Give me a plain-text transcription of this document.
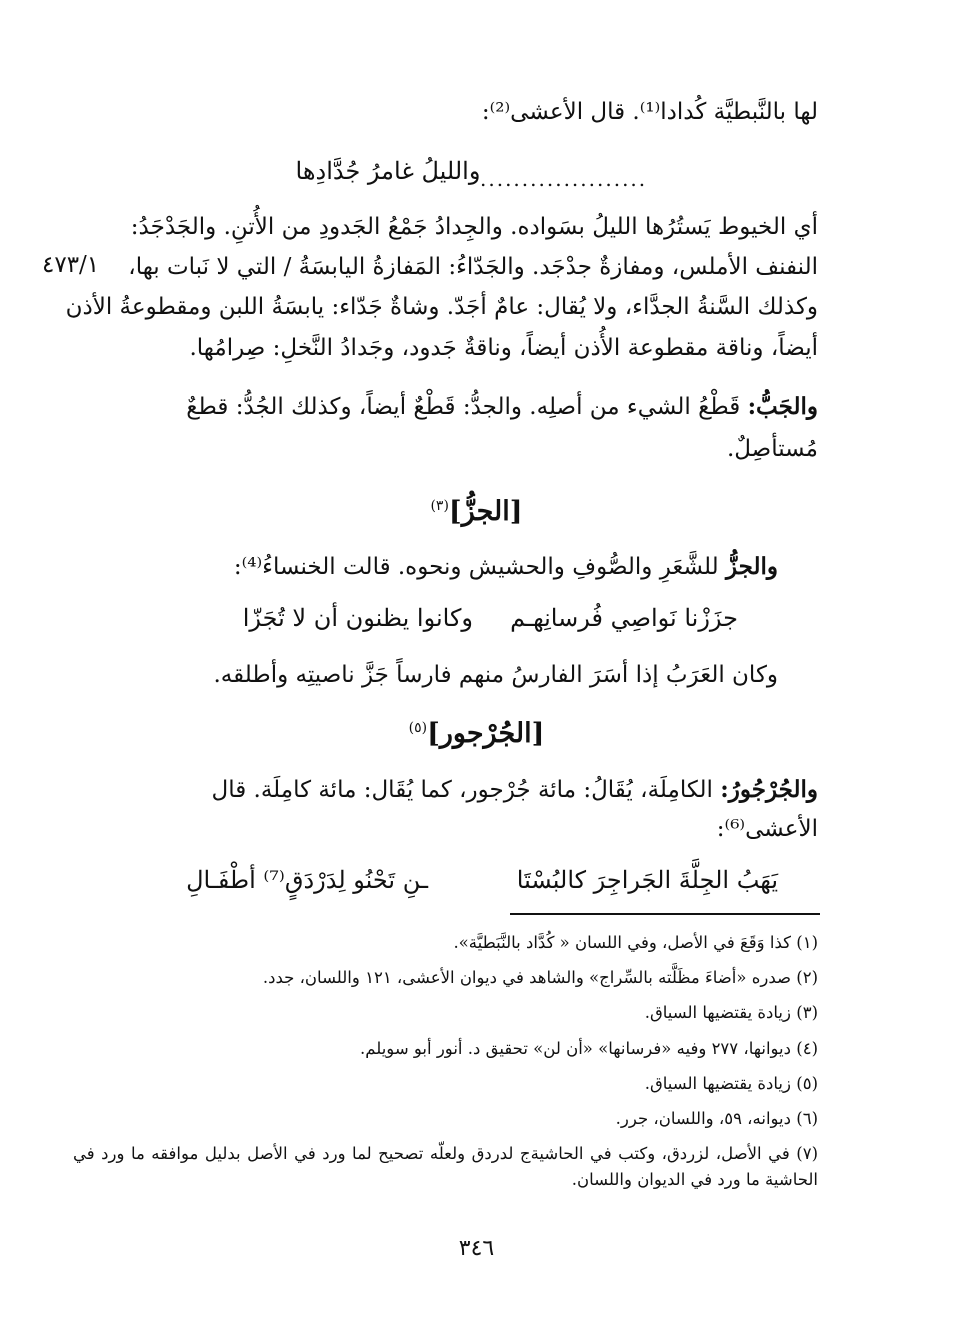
٤٧٣/١
لها بالنَّبطيَّة كُدادا⁽¹⁾. قال الأعشى⁽²⁾:
....................
والليلُ غامرُ جُدَّادِها
أي الخيوط يَستُرُها الليلُ بسَواده. والجِدادُ جَمْعُ الجَدودِ من الأُتنِ. والجَدْجَدُ:
النفنف الأملس، ومفازةٌ جدْجَد. والجَدّاءُ: المَفازةُ اليابسَةُ / التي لا نَبات بها،
وكذلك السَّنةُ الجدَّاء، ولا يُقال: عامٌ أجَدّ. وشاةٌ جَدّاء: يابسَةُ اللبن ومقطوعةُ الأذن
أيضاً، وناقة مقطوعة الأُذن أيضاً، وناقةٌ جَدود، وجَدادُ النَّخلِ: صِرامُها.
والجَبُّ: قَطْعُ الشيء من أصلِه. والجدُّ: قَطْعٌ أيضاً، وكذلك الجُدُّ: قطعٌ
مُستأصِلٌ.
[الجزُّ]$^{(٣)}$
والجزُّ للشَّعَرِ والصُّوفِ والحشيش ونحوه. قالت الخنساءُ⁽⁴⁾:
جزَزْنا نَواصِي فُرسانِهـم
وكانوا يظنون أن لا تُجَزّا
وكان العَرَبُ إذا أسَرَ الفارسُ منهم فارساً جَزَّ ناصيتِه وأطلقه.
[الجُرْجور]$^{(٥)}$
والجُرْجُورُ: الكامِلَة، يُقَالُ: مائة جُرْجور، كما يُقَال: مائة كامِلَة. قال
الأعشى⁽⁶⁾:
يَهَبُ الجِلَّةَ الجَراجِرَ كالبُسْتَا
ـنِ تَحْنُو لِدَرْدَقٍ⁽⁷⁾ أطْفَـالِ
(١) كذا وَقَعَ في الأصل، وفي اللسان « كُدَّاد بالنَّبَطيَّة».
(٢) صدره «أضاءَ مظَلَّته بالسِّراج» والشاهد في ديوان الأعشى، ١٢١ واللسان، جدد.
(٣) زيادة يقتضيها السياق.
(٤) ديوانها، ٢٧٧ وفيه «فرسانها» «أن لن» تحقيق د. أنور أبو سويلم.
(٥) زيادة يقتضيها السياق.
(٦) ديوانه، ٥٩، واللسان، جرر.
(٧) في الأصل، لزردق، وكتب في الحاشيةج لدردق ولعلّه تصحيح لما ورد في الأصل بدليل موافقه ما ورد في الحاشية ما ورد في الديوان واللسان.
٣٤٦
